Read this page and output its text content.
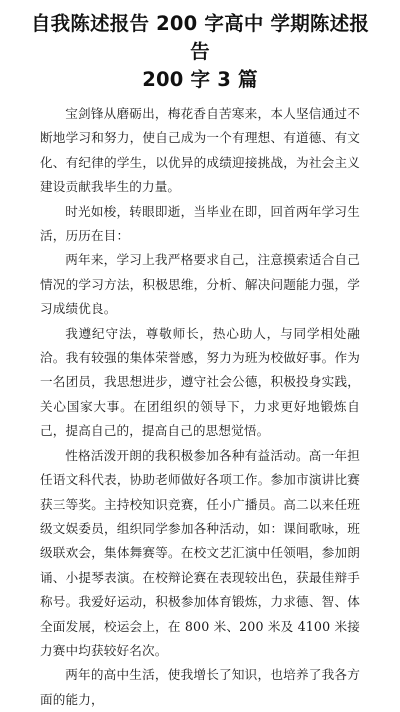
自我陈述报告 200 字高中 学期陈述报告
200 字 3 篇

宝剑锋从磨砺出，梅花香自苦寒来，本人坚信通过不断地学习和努力，使自己成为一个有理想、有道德、有文化、有纪律的学生，以优异的成绩迎接挑战，为社会主义建设贡献我毕生的力量。

时光如梭，转眼即逝，当毕业在即，回首两年学习生活，历历在目：

两年来，学习上我严格要求自己，注意摸索适合自己情况的学习方法，积极思维，分析、解决问题能力强，学习成绩优良。

我遵纪守法，尊敬师长，热心助人，与同学相处融洽。我有较强的集体荣誉感，努力为班为校做好事。作为一名团员，我思想进步，遵守社会公德，积极投身实践，关心国家大事。在团组织的领导下，力求更好地锻炼自己，提高自己的，提高自己的思想觉悟。

性格活泼开朗的我积极参加各种有益活动。高一年担任语文科代表，协助老师做好各项工作。参加市演讲比赛获三等奖。主持校知识竞赛，任小广播员。高二以来任班级文娱委员，组织同学参加各种活动，如：课间歌咏，班级联欢会，集体舞赛等。在校文艺汇演中任领唱，参加朗诵、小提琴表演。在校辩论赛在表现较出色，获最佳辩手称号。我爱好运动，积极参加体育锻炼，力求德、智、体全面发展，校运会上，在 800 米、200 米及 4100 米接力赛中均获较好名次。

两年的高中生活，使我增长了知识，也培养了我各方面的能力，
